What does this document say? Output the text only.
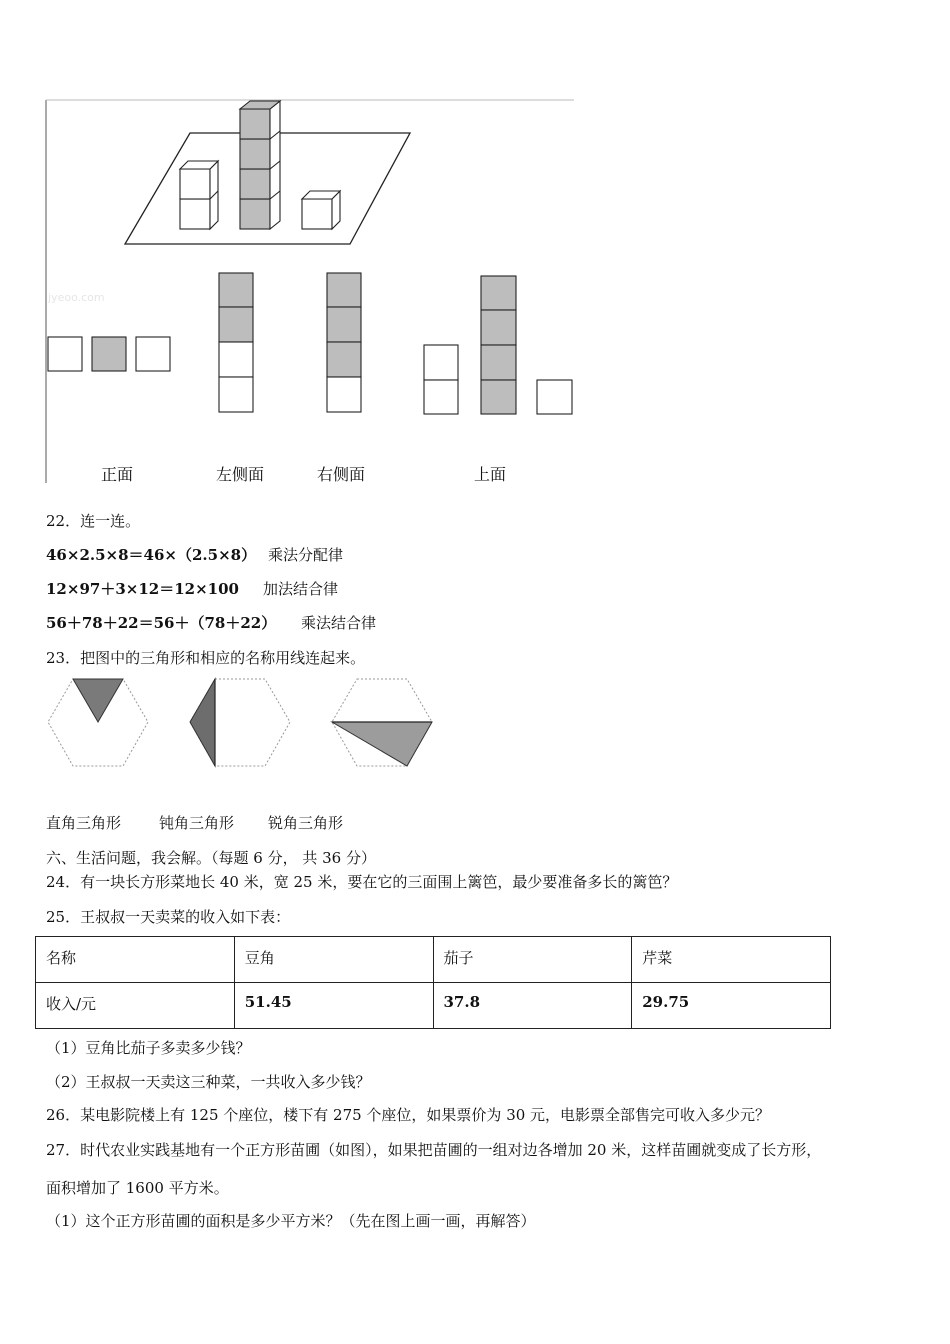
jyeoo.com
正面	左侧面	右侧面	上面
22．连一连。
46×2.5×8＝46×（2.5×8） 乘法分配律
12×97＋3×12＝12×100 加法结合律
56＋78＋22＝56＋（78＋22） 乘法结合律
23．把图中的三角形和相应的名称用线连起来。
直角三角形	钝角三角形 锐角三角形
六、生活问题，我会解。（每题 6 分， 共 36 分）
24．有一块长方形菜地长 40 米，宽 25 米，要在它的三面围上篱笆，最少要准备多长的篱笆？
25．王叔叔一天卖菜的收入如下表：
名称	豆角	茄子	芹菜
收入/元	51.45	37.8	29.75
（1）豆角比茄子多卖多少钱？
（2）王叔叔一天卖这三种菜，一共收入多少钱？
26．某电影院楼上有 125 个座位，楼下有 275 个座位，如果票价为 30 元，电影票全部售完可收入多少元？
27．时代农业实践基地有一个正方形苗圃（如图），如果把苗圃的一组对边各增加 20 米，这样苗圃就变成了长方形，
面积增加了 1600 平方米。
（1）这个正方形苗圃的面积是多少平方米？（先在图上画一画，再解答）
